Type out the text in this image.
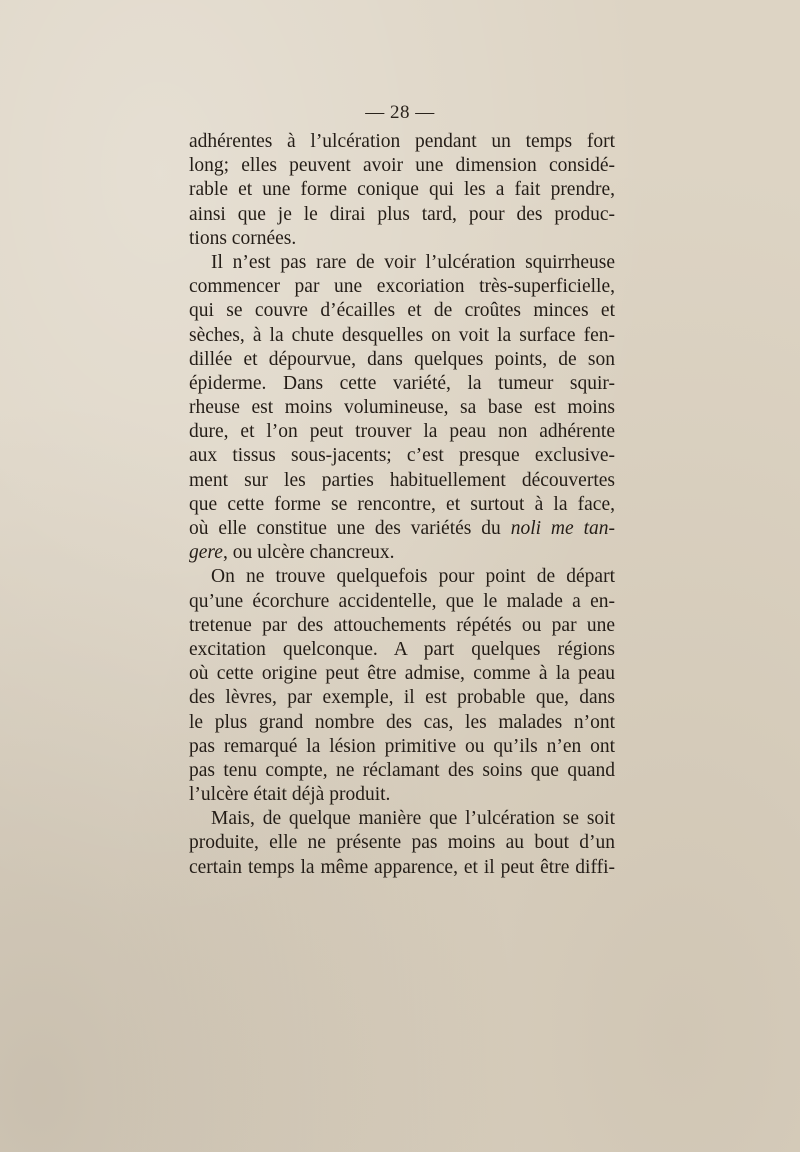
— 28 —
adhérentes à l’ulcération pendant un temps fort
long; elles peuvent avoir une dimension considé-
rable et une forme conique qui les a fait prendre,
ainsi que je le dirai plus tard, pour des produc-
tions cornées.
Il n’est pas rare de voir l’ulcération squirrheuse
commencer par une excoriation très-superficielle,
qui se couvre d’écailles et de croûtes minces et
sèches, à la chute desquelles on voit la surface fen-
dillée et dépourvue, dans quelques points, de son
épiderme. Dans cette variété, la tumeur squir-
rheuse est moins volumineuse, sa base est moins
dure, et l’on peut trouver la peau non adhérente
aux tissus sous-jacents; c’est presque exclusive-
ment sur les parties habituellement découvertes
que cette forme se rencontre, et surtout à la face,
où elle constitue une des variétés du noli me tan-
gere, ou ulcère chancreux.
On ne trouve quelquefois pour point de départ
qu’une écorchure accidentelle, que le malade a en-
tretenue par des attouchements répétés ou par une
excitation quelconque. A part quelques régions
où cette origine peut être admise, comme à la peau
des lèvres, par exemple, il est probable que, dans
le plus grand nombre des cas, les malades n’ont
pas remarqué la lésion primitive ou qu’ils n’en ont
pas tenu compte, ne réclamant des soins que quand
l’ulcère était déjà produit.
Mais, de quelque manière que l’ulcération se soit
produite, elle ne présente pas moins au bout d’un
certain temps la même apparence, et il peut être diffi-
